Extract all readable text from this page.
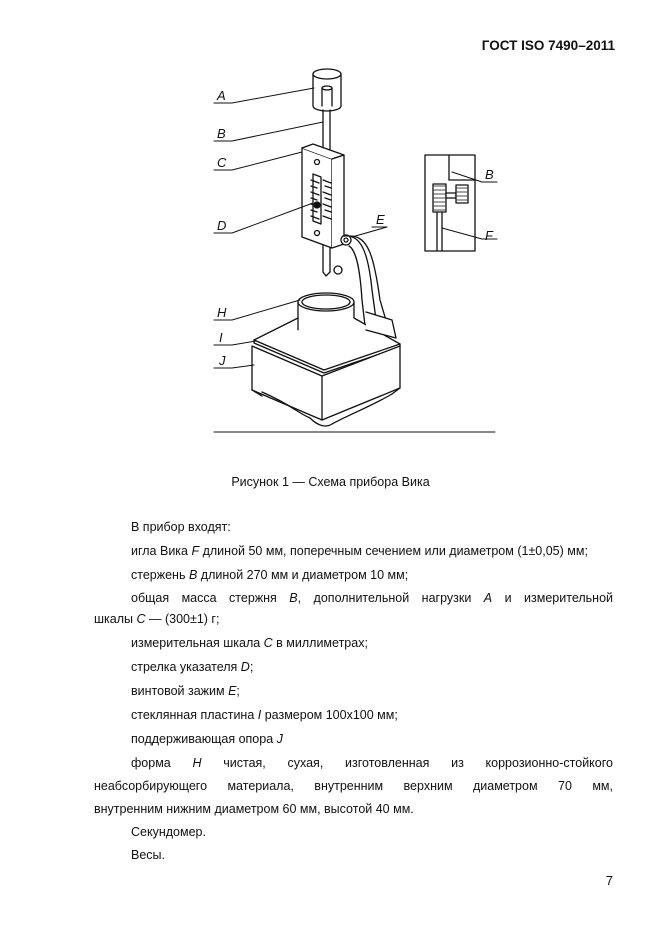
ГОСТ ISO 7490–2011
A
B
C
D	E
H
I
J
B
F
Рисунок 1 — Схема прибора Вика
В прибор входят:
игла Вика F длиной 50 мм, поперечным сечением или диаметром (1±0,05) мм;
стержень B длиной 270 мм и диаметром 10 мм;
общая масса стержня B, дополнительной нагрузки A и измерительной
шкалы C — (300±1) г;
измерительная шкала C в миллиметрах;
стрелка указателя D;
винтовой зажим E;
стеклянная пластина I размером 100х100 мм;
поддерживающая опора J
форма H чистая, сухая, изготовленная из коррозионно-стойкого
неабсорбирующего материала, внутренним верхним диаметром 70 мм,
внутренним нижним диаметром 60 мм, высотой 40 мм.
Секундомер.
Весы.
7
